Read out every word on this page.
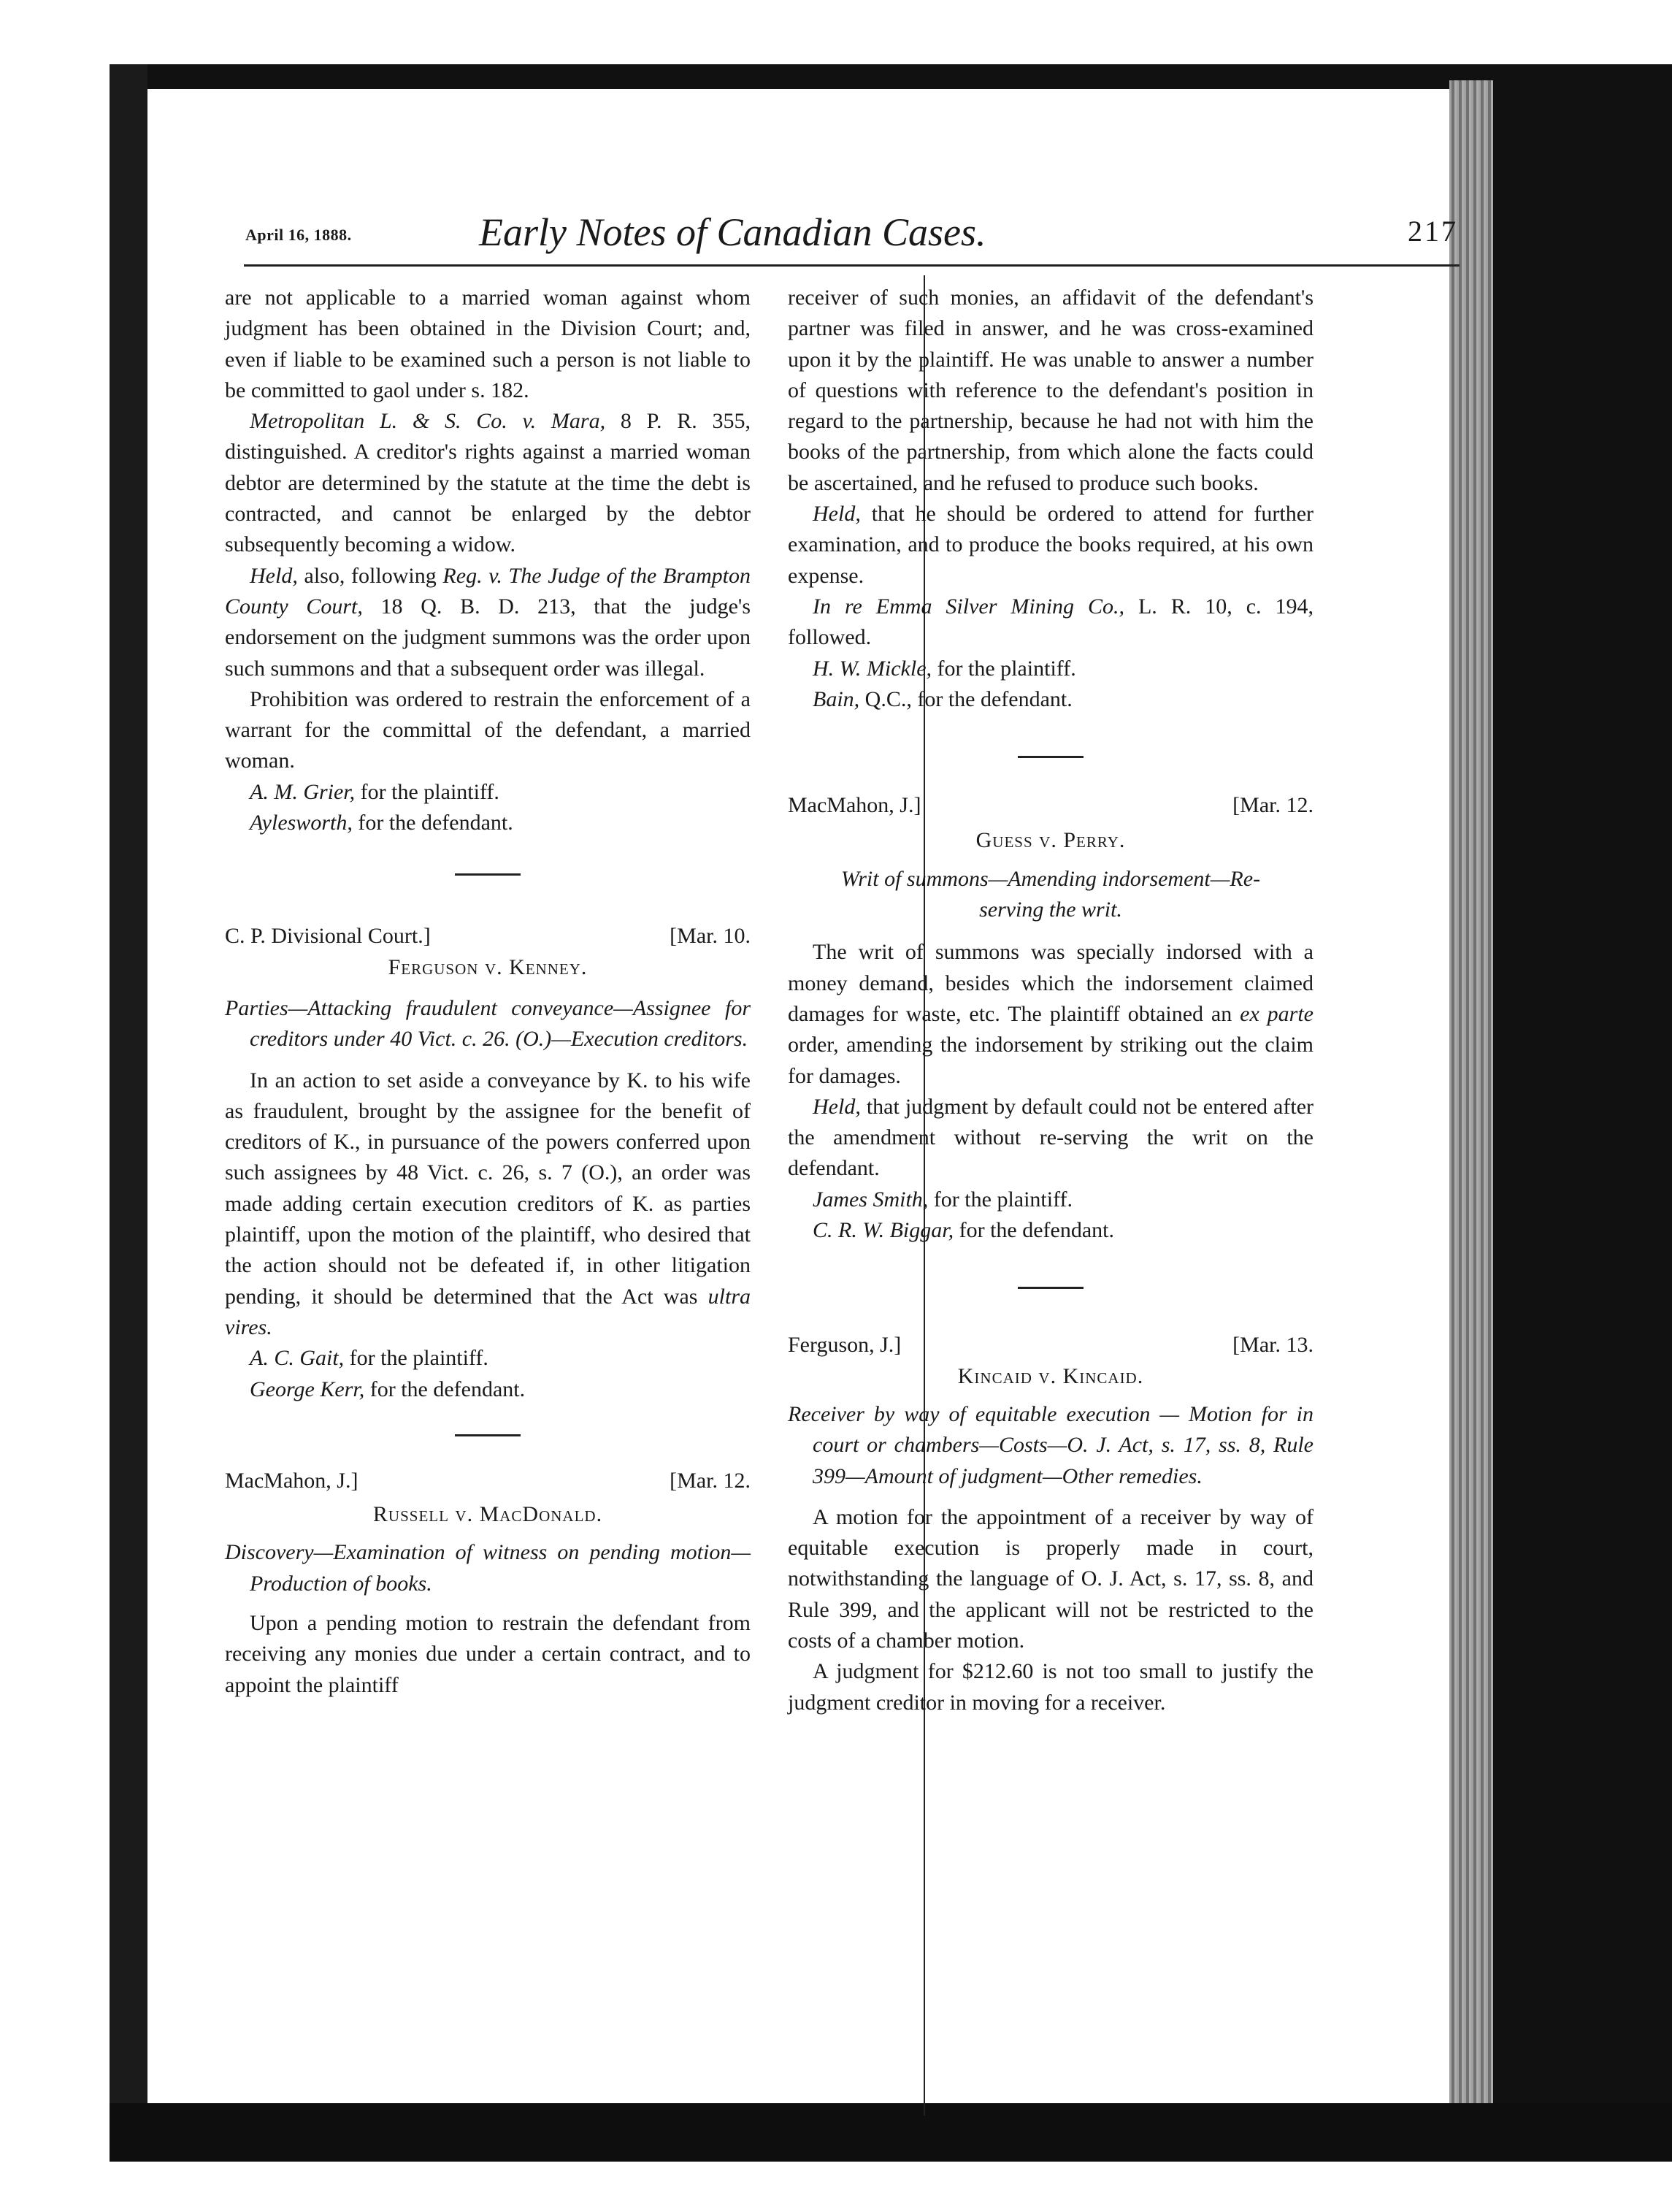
April 16, 1888.	Early Notes of Canadian Cases.	217

are not applicable to a married woman against whom judgment has been obtained in the Division Court; and, even if liable to be examined such a person is not liable to be committed to gaol under s. 182.

Metropolitan L. & S. Co. v. Mara, 8 P. R. 355, distinguished. A creditor's rights against a married woman debtor are determined by the statute at the time the debt is contracted, and cannot be enlarged by the debtor subsequently becoming a widow.

Held, also, following Reg. v. The Judge of the Brampton County Court, 18 Q. B. D. 213, that the judge's endorsement on the judgment summons was the order upon such summons and that a subsequent order was illegal.

Prohibition was ordered to restrain the enforcement of a warrant for the committal of the defendant, a married woman.

A. M. Grier, for the plaintiff.

Aylesworth, for the defendant.

C. P. Divisional Court.]	[Mar. 10.

Ferguson v. Kenney.

Parties—Attacking fraudulent conveyance—Assignee for creditors under 40 Vict. c. 26. (O.)—Execution creditors.

In an action to set aside a conveyance by K. to his wife as fraudulent, brought by the assignee for the benefit of creditors of K., in pursuance of the powers conferred upon such assignees by 48 Vict. c. 26, s. 7 (O.), an order was made adding certain execution creditors of K. as parties plaintiff, upon the motion of the plaintiff, who desired that the action should not be defeated if, in other litigation pending, it should be determined that the Act was ultra vires.

A. C. Gait, for the plaintiff.

George Kerr, for the defendant.

MacMahon, J.]	[Mar. 12.

Russell v. MacDonald.

Discovery—Examination of witness on pending motion—Production of books.

Upon a pending motion to restrain the defendant from receiving any monies due under a certain contract, and to appoint the plaintiff

receiver of such monies, an affidavit of the defendant's partner was filed in answer, and he was cross-examined upon it by the plaintiff. He was unable to answer a number of questions with reference to the defendant's position in regard to the partnership, because he had not with him the books of the partnership, from which alone the facts could be ascertained, and he refused to produce such books.

Held, that he should be ordered to attend for further examination, and to produce the books required, at his own expense.

In re Emma Silver Mining Co., L. R. 10, c. 194, followed.

H. W. Mickle, for the plaintiff.

Bain, Q.C., for the defendant.

MacMahon, J.]	[Mar. 12.

Guess v. Perry.

Writ of summons—Amending indorsement—Re-serving the writ.

The writ of summons was specially indorsed with a money demand, besides which the indorsement claimed damages for waste, etc. The plaintiff obtained an ex parte order, amending the indorsement by striking out the claim for damages.

Held, that judgment by default could not be entered after the amendment without re-serving the writ on the defendant.

James Smith, for the plaintiff.

C. R. W. Biggar, for the defendant.

Ferguson, J.]	[Mar. 13.

Kincaid v. Kincaid.

Receiver by way of equitable execution — Motion for in court or chambers—Costs—O. J. Act, s. 17, ss. 8, Rule 399—Amount of judgment—Other remedies.

A motion for the appointment of a receiver by way of equitable execution is properly made in court, notwithstanding the language of O. J. Act, s. 17, ss. 8, and Rule 399, and the applicant will not be restricted to the costs of a chamber motion.

A judgment for $212.60 is not too small to justify the judgment creditor in moving for a receiver.
